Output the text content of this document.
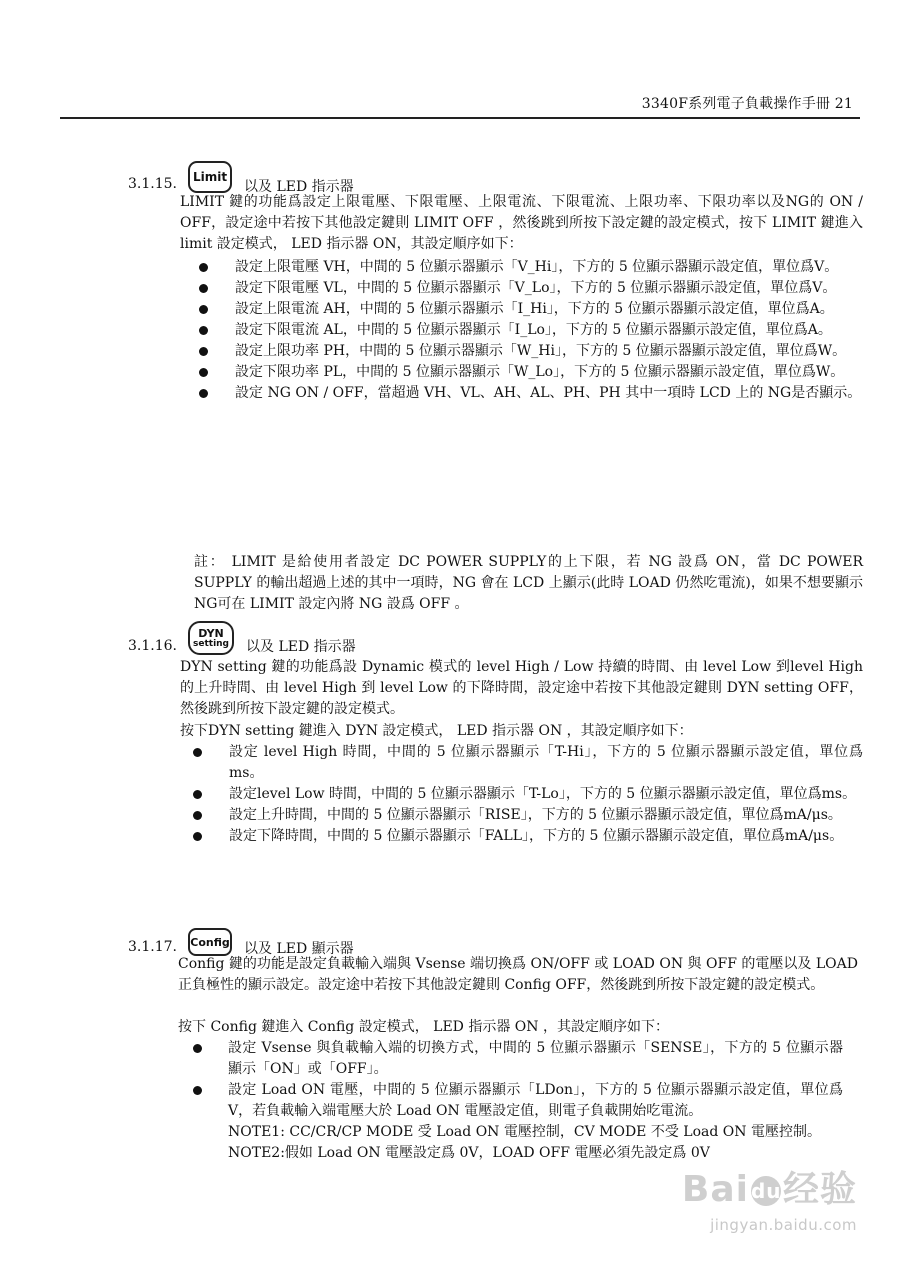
3340F系列電子負載操作手冊 21
3.1.15.	Limit
以及 LED 指示器
LIMIT 鍵的功能爲設定上限電壓、下限電壓、上限電流、下限電流、上限功率、下限功率以及NG的 ON / OFF，設定途中若按下其他設定鍵則 LIMIT OFF ，然後跳到所按下設定鍵的設定模式，按下 LIMIT 鍵進入 limit 設定模式， LED 指示器 ON，其設定順序如下：
設定上限電壓 VH，中間的 5 位顯示器顯示「V_Hi」，下方的 5 位顯示器顯示設定值，單位爲V。
設定下限電壓 VL，中間的 5 位顯示器顯示「V_Lo」，下方的 5 位顯示器顯示設定值，單位爲V。
設定上限電流 AH，中間的 5 位顯示器顯示「I_Hi」，下方的 5 位顯示器顯示設定值，單位爲A。
設定下限電流 AL，中間的 5 位顯示器顯示「I_Lo」，下方的 5 位顯示器顯示設定值，單位爲A。
設定上限功率 PH，中間的 5 位顯示器顯示「W_Hi」，下方的 5 位顯示器顯示設定值，單位爲W。
設定下限功率 PL，中間的 5 位顯示器顯示「W_Lo」，下方的 5 位顯示器顯示設定值，單位爲W。
設定 NG ON / OFF，當超過 VH、VL、AH、AL、PH、PH 其中一項時 LCD 上的 NG是否顯示。
註： LIMIT 是給使用者設定 DC POWER SUPPLY的上下限，若 NG 設爲 ON，當 DC POWER SUPPLY 的輸出超過上述的其中一項時，NG 會在 LCD 上顯示(此時 LOAD 仍然吃電流)，如果不想要顯示NG可在 LIMIT 設定內將 NG 設爲 OFF 。
3.1.16.
DYN
setting 以及 LED 指示器
DYN setting 鍵的功能爲設 Dynamic 模式的 level High / Low 持續的時間、由 level Low 到level High 的上升時間、由 level High 到 level Low 的下降時間，設定途中若按下其他設定鍵則 DYN setting OFF，然後跳到所按下設定鍵的設定模式。
按下DYN setting 鍵進入 DYN 設定模式， LED 指示器 ON ，其設定順序如下：
設定 level High 時間，中間的 5 位顯示器顯示「T-Hi」，下方的 5 位顯示器顯示設定值，單位爲ms。
設定level Low 時間，中間的 5 位顯示器顯示「T-Lo」，下方的 5 位顯示器顯示設定值，單位爲ms。
設定上升時間，中間的 5 位顯示器顯示「RISE」，下方的 5 位顯示器顯示設定值，單位爲mA/μs。
設定下降時間，中間的 5 位顯示器顯示「FALL」，下方的 5 位顯示器顯示設定值，單位爲mA/μs。
3.1.17.	Config 以及 LED 顯示器
Config 鍵的功能是設定負載輸入端與 Vsense 端切換爲 ON/OFF 或 LOAD ON 與 OFF 的電壓以及 LOAD 正負極性的顯示設定。設定途中若按下其他設定鍵則 Config OFF，然後跳到所按下設定鍵的設定模式。
按下 Config 鍵進入 Config 設定模式， LED 指示器 ON ，其設定順序如下：
設定 Vsense 與負載輸入端的切換方式，中間的 5 位顯示器顯示「SENSE」，下方的 5 位顯示器顯示「ON」或「OFF」。
設定 Load ON 電壓，中間的 5 位顯示器顯示「LDon」，下方的 5 位顯示器顯示設定值，單位爲 V，若負載輸入端電壓大於 Load ON 電壓設定值，則電子負載開始吃電流。
NOTE1: CC/CR/CP MODE 受 Load ON 電壓控制，CV MODE 不受 Load ON 電壓控制。
NOTE2:假如 Load ON 電壓設定爲 0V，LOAD OFF 電壓必須先設定爲 0V
Bai du经验
jingyan.baidu.com
